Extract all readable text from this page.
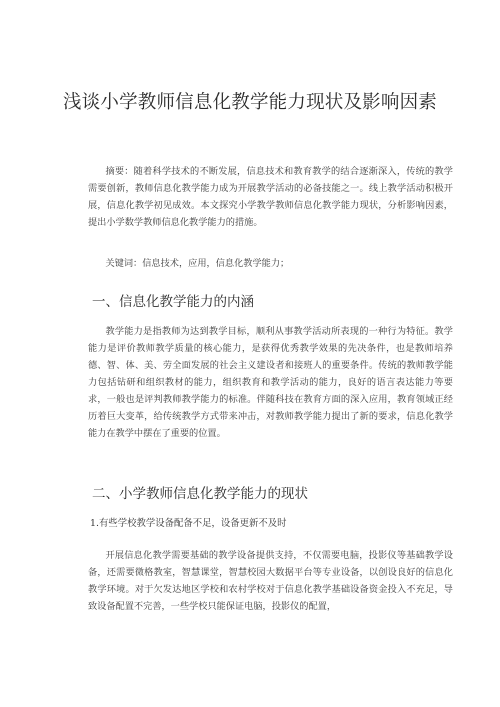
浅谈小学教师信息化教学能力现状及影响因素

摘要：随着科学技术的不断发展，信息技术和教育教学的结合逐渐深入，传统的教学需要创新，教师信息化教学能力成为开展教学活动的必备技能之一。线上教学活动积极开展，信息化教学初见成效。本文探究小学教学教师信息化教学能力现状，分析影响因素，提出小学数学教师信息化教学能力的措施。

关键词：信息技术，应用，信息化教学能力；

一、信息化教学能力的内涵

教学能力是指教师为达到教学目标，顺利从事教学活动所表现的一种行为特征。教学能力是评价教师教学质量的核心能力，是获得优秀教学效果的先决条件，也是教师培养德、智、体、美、劳全面发展的社会主义建设者和接班人的重要条件。传统的教师教学能力包括钻研和组织教材的能力，组织教育和教学活动的能力，良好的语言表达能力等要求，一般也是评判教师教学能力的标准。伴随科技在教育方面的深入应用，教育领域正经历着巨大变革，给传统教学方式带来冲击，对教师教学能力提出了新的要求，信息化教学能力在教学中摆在了重要的位置。

二、小学教师信息化教学能力的现状
1.有些学校教学设备配备不足，设备更新不及时

开展信息化教学需要基础的教学设备提供支持，不仅需要电脑，投影仪等基础教学设备，还需要微格教室，智慧课堂，智慧校园大数据平台等专业设备，以创设良好的信息化教学环境。对于欠发达地区学校和农村学校对于信息化教学基础设备资金投入不充足，导致设备配置不完善，一些学校只能保证电脑，投影仪的配置，
